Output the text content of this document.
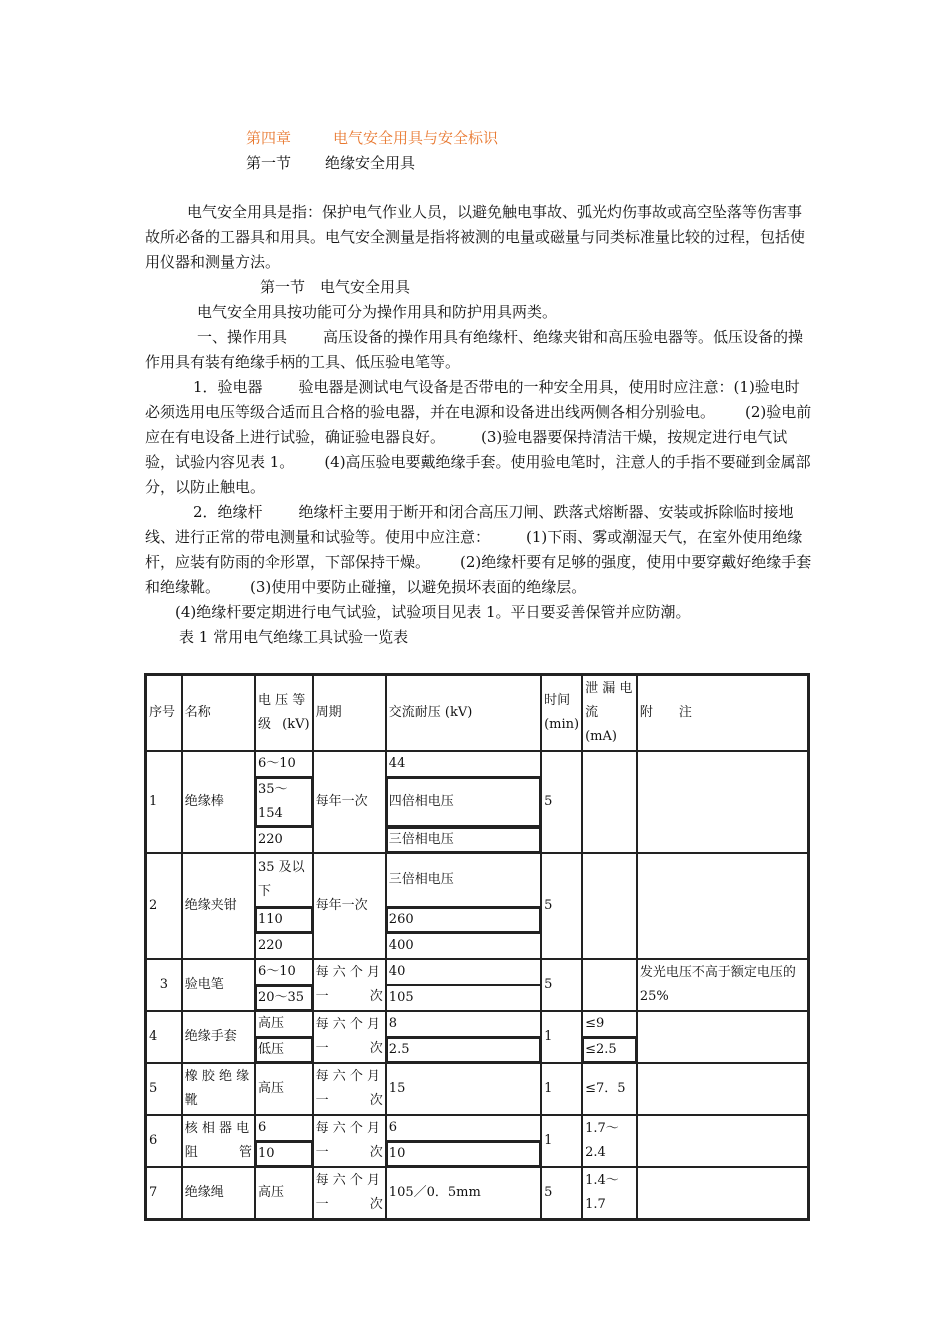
第四章	电气安全用具与安全标识
第一节 绝缘安全用具

电气安全用具是指：保护电气作业人员，以避免触电事故、弧光灼伤事故或高空坠落等伤害事故所必备的工器具和用具。电气安全测量是指将被测的电量或磁量与同类标准量比较的过程，包括使用仪器和测量方法。

第一节　电气安全用具

电气安全用具按功能可分为操作用具和防护用具两类。

一、操作用具 高压设备的操作用具有绝缘杆、绝缘夹钳和高压验电器等。低压设备的操作用具有装有绝缘手柄的工具、低压验电笔等。

1．验电器 验电器是测试电气设备是否带电的一种安全用具，使用时应注意：(1)验电时必须选用电压等级合适而且合格的验电器，并在电源和设备进出线两侧各相分别验电。 (2)验电前应在有电设备上进行试验，确证验电器良好。 (3)验电器要保持清洁干燥，按规定进行电气试验，试验内容见表 1。 (4)高压验电要戴绝缘手套。使用验电笔时，注意人的手指不要碰到金属部分，以防止触电。

2．绝缘杆 绝缘杆主要用于断开和闭合高压刀闸、跌落式熔断器、安装或拆除临时接地线、进行正常的带电测量和试验等。使用中应注意： (1)下雨、雾或潮湿天气，在室外使用绝缘杆，应装有防雨的伞形罩，下部保持干燥。 (2)绝缘杆要有足够的强度，使用中要穿戴好绝缘手套和绝缘靴。 (3)使用中要防止碰撞，以避免损坏表面的绝缘层。

(4)绝缘杆要定期进行电气试验，试验项目见表 1。平日要妥善保管并应防潮。

表 1 常用电气绝缘工具试验一览表

序号	名称	电 压 等 级 (kV)	周期	交流耐压 (kV)	时间 (min)	泄 漏 电 流 (mA)	附　　注
1	绝缘棒	6～10	每年一次	44	5		
		35～154		四倍相电压			
		220		三倍相电压			
2	绝缘夹钳	35 及以下	每年一次	三倍相电压	5		
		110		260			
		220		400			
3	验电笔	6～10	每 六 个 月 一次	40	5		发光电压不高于额定电压的 25%
		20～35		105			
4	绝缘手套	高压	每 六 个 月 一次	8	1	≤9	
		低压		2.5		≤2.5	
5	橡 胶 绝 缘 靴	高压	每 六 个 月 一次	15	1	≤7．5	
6	核 相 器 电 阻管	6	每 六 个 月 一次	6	1	1.7～2.4	
		10		10			
7	绝缘绳	高压	每 六 个 月 一次	105／0．5mm	5	1.4～1.7	
